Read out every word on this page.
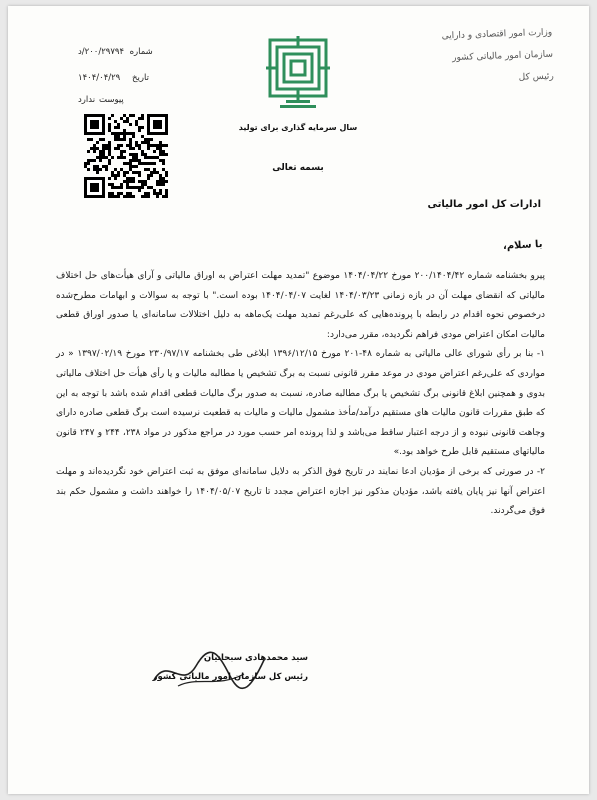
شماره ۲۰۰/۲۹۷۹۴/د
تاریخ ۱۴۰۴/۰۴/۲۹
پیوست ندارد
وزارت امور اقتصادی و دارایی
سازمان امور مالیاتی کشور
رئیس کل
سال سرمایه گذاری برای تولید
بسمه تعالی
ادارات کل امور مالیاتی
با سلام،

پیرو بخشنامه شماره ۲۰۰/۱۴۰۴/۴۲ مورخ ۱۴۰۴/۰۴/۲۲ موضوع "تمدید مهلت اعتراض به اوراق مالیاتی و آرای هیأت‌های حل اختلاف مالیاتی که انقضای مهلت آن در بازه زمانی ۱۴۰۴/۰۳/۲۳ لغایت ۱۴۰۴/۰۴/۰۷ بوده است." با توجه به سوالات و ابهامات مطرح‌شده درخصوص نحوه اقدام در رابطه با پرونده‌هایی که علی‌رغم تمدید مهلت یک‌ماهه به دلیل اختلالات سامانه‌ای یا صدور اوراق قطعی مالیات امکان اعتراض مودی فراهم نگردیده، مقرر می‌دارد:

۱- بنا بر رأی شورای عالی مالیاتی به شماره ۴۸-۲۰۱ مورخ ۱۳۹۶/۱۲/۱۵ ابلاغی طی بخشنامه ۲۳۰/۹۷/۱۷ مورخ ۱۳۹۷/۰۲/۱۹ « در مواردی که علی‌رغم اعتراض مودی در موعد مقرر قانونی نسبت به برگ تشخیص یا مطالبه مالیات و یا رأی هیأت حل اختلاف مالیاتی بدوی و همچنین ابلاغ قانونی برگ تشخیص یا برگ مطالبه صادره، نسبت به صدور برگ مالیات قطعی اقدام شده باشد با توجه به این که طبق مقررات قانون مالیات های مستقیم درآمد/مأخذ مشمول مالیات و مالیات به قطعیت نرسیده است برگ قطعی صادره دارای وجاهت قانونی نبوده و از درجه اعتبار ساقط می‌باشد و لذا پرونده امر حسب مورد در مراجع مذکور در مواد ۲۳۸، ۲۴۴ و ۲۴۷ قانون مالیاتهای مستقیم قابل طرح خواهد بود.»

۲- در صورتی که برخی از مؤدیان ادعا نمایند در تاریخ فوق الذکر به دلایل سامانه‌ای موفق به ثبت اعتراض خود نگردیده‌اند و مهلت اعتراض آنها نیز پایان یافته باشد، مؤدیان مذکور نیز اجازه اعتراض مجدد تا تاریخ ۱۴۰۴/۰۵/۰۷ را خواهند داشت و مشمول حکم بند فوق می‌گردند.

سید محمدهادی سبحانیان
رئیس کل سازمان امور مالیاتی کشور
